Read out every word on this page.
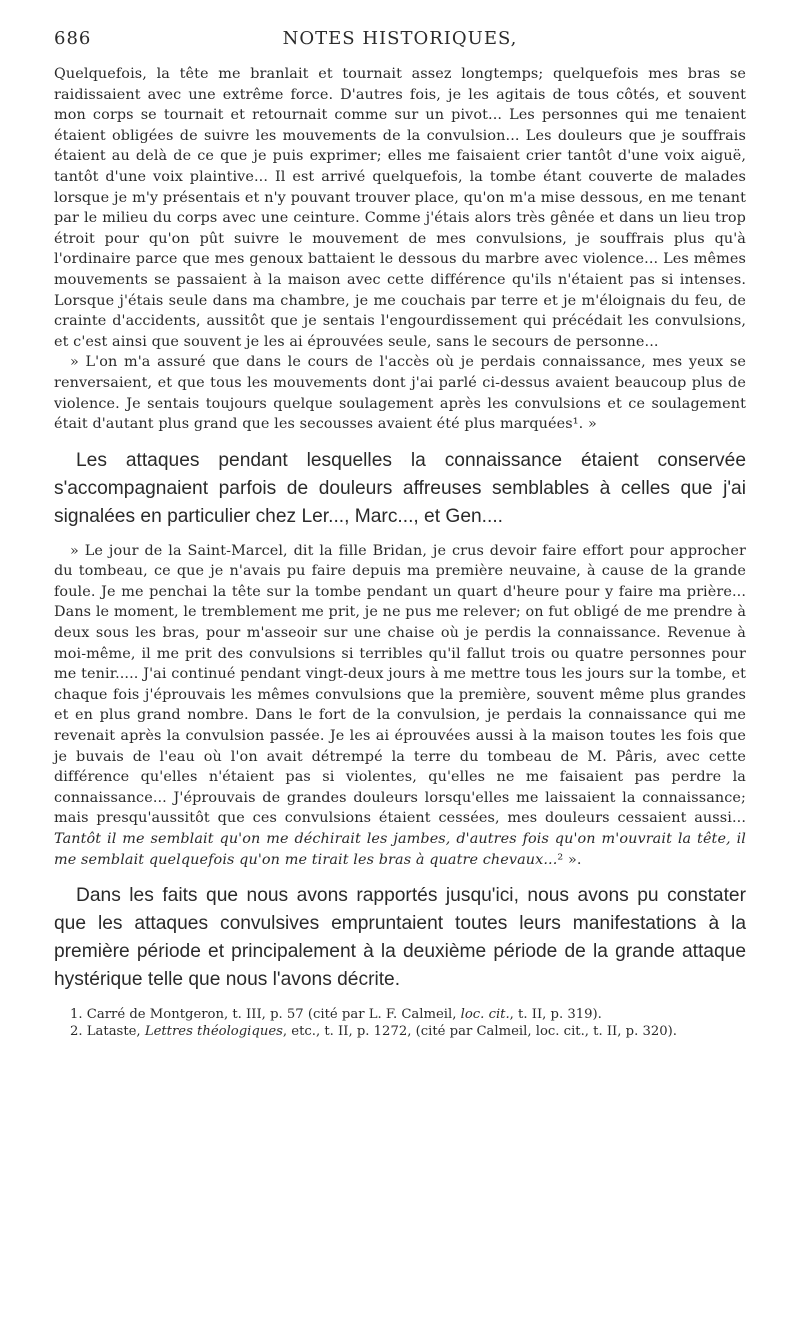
686	NOTES HISTORIQUES,

Quelquefois, la tête me branlait et tournait assez longtemps; quelquefois mes bras se raidissaient avec une extrême force. D'autres fois, je les agitais de tous côtés, et souvent mon corps se tournait et retournait comme sur un pivot... Les personnes qui me tenaient étaient obligées de suivre les mouvements de la convulsion... Les douleurs que je souffrais étaient au delà de ce que je puis exprimer; elles me faisaient crier tantôt d'une voix aiguë, tantôt d'une voix plaintive... Il est arrivé quelquefois, la tombe étant couverte de malades lorsque je m'y présentais et n'y pouvant trouver place, qu'on m'a mise dessous, en me tenant par le milieu du corps avec une ceinture. Comme j'étais alors très gênée et dans un lieu trop étroit pour qu'on pût suivre le mouvement de mes convulsions, je souffrais plus qu'à l'ordinaire parce que mes genoux battaient le dessous du marbre avec violence... Les mêmes mouvements se passaient à la maison avec cette différence qu'ils n'étaient pas si intenses. Lorsque j'étais seule dans ma chambre, je me couchais par terre et je m'éloignais du feu, de crainte d'accidents, aussitôt que je sentais l'engourdissement qui précédait les convulsions, et c'est ainsi que souvent je les ai éprouvées seule, sans le secours de personne...

» L'on m'a assuré que dans le cours de l'accès où je perdais connaissance, mes yeux se renversaient, et que tous les mouvements dont j'ai parlé ci-dessus avaient beaucoup plus de violence. Je sentais toujours quelque soulagement après les convulsions et ce soulagement était d'autant plus grand que les secousses avaient été plus marquées¹. »

Les attaques pendant lesquelles la connaissance étaient conservée s'accompagnaient parfois de douleurs affreuses semblables à celles que j'ai signalées en particulier chez Ler..., Marc..., et Gen....

» Le jour de la Saint-Marcel, dit la fille Bridan, je crus devoir faire effort pour approcher du tombeau, ce que je n'avais pu faire depuis ma première neuvaine, à cause de la grande foule. Je me penchai la tête sur la tombe pendant un quart d'heure pour y faire ma prière... Dans le moment, le tremblement me prit, je ne pus me relever; on fut obligé de me prendre à deux sous les bras, pour m'asseoir sur une chaise où je perdis la connaissance. Revenue à moi-même, il me prit des convulsions si terribles qu'il fallut trois ou quatre personnes pour me tenir..... J'ai continué pendant vingt-deux jours à me mettre tous les jours sur la tombe, et chaque fois j'éprouvais les mêmes convulsions que la première, souvent même plus grandes et en plus grand nombre. Dans le fort de la convulsion, je perdais la connaissance qui me revenait après la convulsion passée. Je les ai éprouvées aussi à la maison toutes les fois que je buvais de l'eau où l'on avait détrempé la terre du tombeau de M. Pâris, avec cette différence qu'elles n'étaient pas si violentes, qu'elles ne me faisaient pas perdre la connaissance... J'éprouvais de grandes douleurs lorsqu'elles me laissaient la connaissance; mais presqu'aussitôt que ces convulsions étaient cessées, mes douleurs cessaient aussi... Tantôt il me semblait qu'on me déchirait les jambes, d'autres fois qu'on m'ouvrait la tête, il me semblait quelquefois qu'on me tirait les bras à quatre chevaux...² ».

Dans les faits que nous avons rapportés jusqu'ici, nous avons pu constater que les attaques convulsives empruntaient toutes leurs manifestations à la première période et principalement à la deuxième période de la grande attaque hystérique telle que nous l'avons décrite.

1. Carré de Montgeron, t. III, p. 57 (cité par L. F. Calmeil, loc. cit., t. II, p. 319).

2. Lataste, Lettres théologiques, etc., t. II, p. 1272, (cité par Calmeil, loc. cit., t. II, p. 320).
